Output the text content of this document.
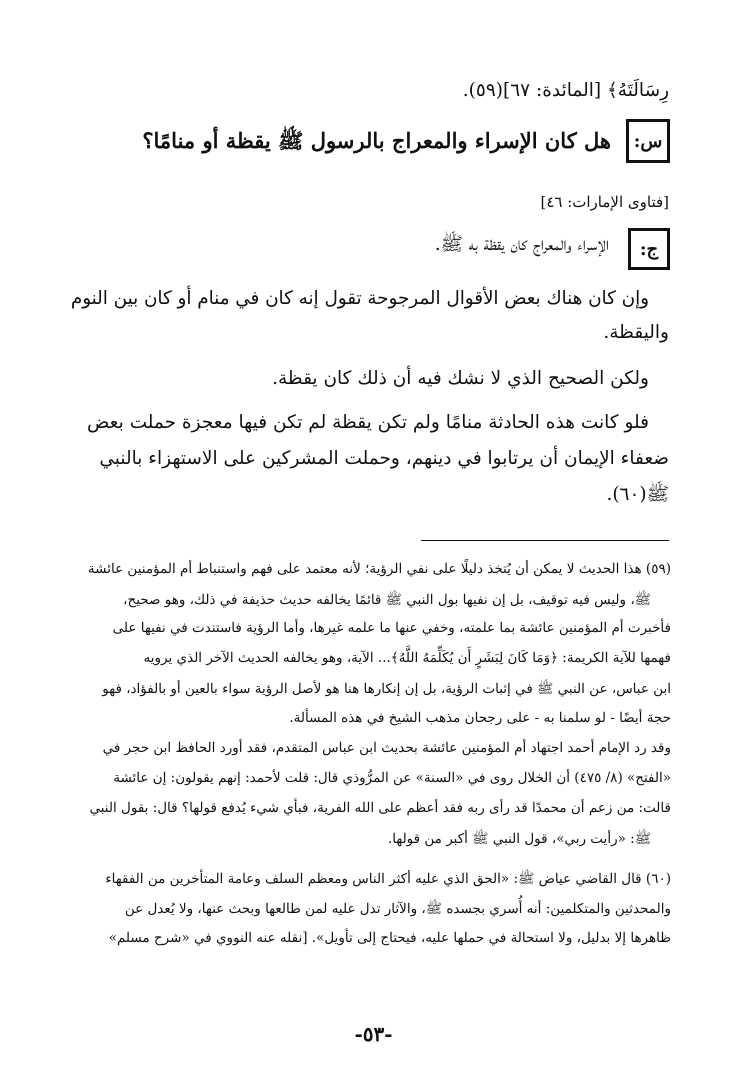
رِسَالَتَهُ﴾ [المائدة: ٦٧](٥٩).
س:
هل كان الإسراء والمعراج بالرسول ﷺ يقظة أو منامًا؟
[فتاوى الإمارات: ٤٦]
ج:
الإسراء والمعراج كان يقظة به ﷺ.
وإن كان هناك بعض الأقوال المرجوحة تقول إنه كان في منام أو كان بين النوم
واليقظة.
ولكن الصحيح الذي لا نشك فيه أن ذلك كان يقظة.
فلو كانت هذه الحادثة منامًا ولم تكن يقظة لم تكن فيها معجزة حملت بعض
ضعفاء الإيمان أن يرتابوا في دينهم، وحملت المشركين على الاستهزاء بالنبي
ﷺ(٦٠).
(٥٩) هذا الحديث لا يمكن أن يُتخذ دليلًا على نفي الرؤية؛ لأنه معتمد على فهم واستنباط أم المؤمنين عائشة
ﷺ، وليس فيه توقيف، بل إن نفيها بول النبي ﷺ قائمًا يخالفه حديث حذيفة في ذلك، وهو صحيح،
فأخبرت أم المؤمنين عائشة بما علمته، وخفي عنها ما علمه غيرها، وأما الرؤية فاستندت في نفيها على
فهمها للآية الكريمة: ﴿وَمَا كَانَ لِبَشَرٍ أَن يُكَلِّمَهُ اللَّهُ﴾... الآية، وهو يخالفه الحديث الآخر الذي يرويه
ابن عباس، عن النبي ﷺ في إثبات الرؤية، بل إن إنكارها هنا هو لأصل الرؤية سواء بالعين أو بالفؤاد، فهو
حجة أيضًا - لو سلمنا به - على رجحان مذهب الشيخ في هذه المسألة.
وقد رد الإمام أحمد اجتهاد أم المؤمنين عائشة بحديث ابن عباس المتقدم، فقد أورد الحافظ ابن حجر في
«الفتح» (٨/ ٤٧٥) أن الخلال روى في «السنة» عن المرُّوذي قال: قلت لأحمد: إنهم يقولون: إن عائشة
قالت: من زعم أن محمدًا قد رأى ربه فقد أعظم على الله الفرية، فبأي شيء يُدفع قولها؟ قال: بقول النبي
ﷺ: «رأيت ربي»، قول النبي ﷺ أكبر من قولها.
(٦٠) قال القاضي عياض ﷺ: «الحق الذي عليه أكثر الناس ومعظم السلف وعامة المتأخرين من الفقهاء
والمحدثين والمتكلمين: أنه أُسري بجسده ﷺ، والآثار تدل عليه لمن طالعها وبحث عنها، ولا يُعدل عن
ظاهرها إلا بدليل، ولا استحالة في حملها عليه، فيحتاج إلى تأويل». [نقله عنه النووي في «شرح مسلم»
-٥٣-
